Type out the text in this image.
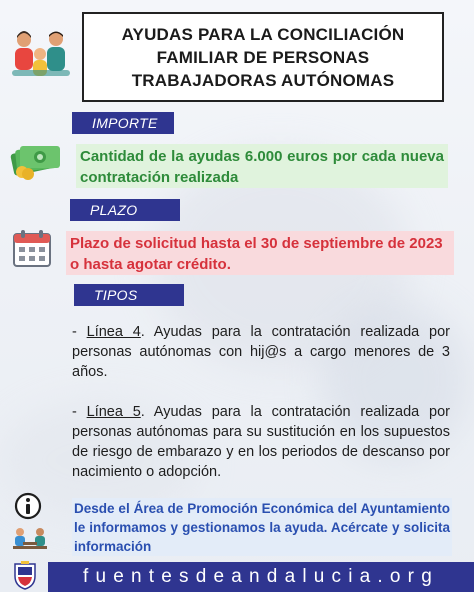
AYUDAS PARA LA CONCILIACIÓN
FAMILIAR DE PERSONAS
TRABAJADORAS AUTÓNOMAS
IMPORTE
Cantidad de la ayudas 6.000 euros por cada nueva contratación realizada
PLAZO
Plazo de solicitud hasta el 30 de septiembre de 2023 o hasta agotar crédito.
TIPOS
- Línea 4. Ayudas para la contratación realizada por personas autónomas con hij@s a cargo menores de 3 años.
- Línea 5. Ayudas para la contratación realizada por personas autónomas para su sustitución en los supuestos de riesgo de embarazo y en los periodos de descanso por nacimiento o adopción.
Desde el Área de Promoción Económica del Ayuntamiento le informamos y gestionamos la ayuda. Acércate y solicita información
fuentesdeandalucia.org
